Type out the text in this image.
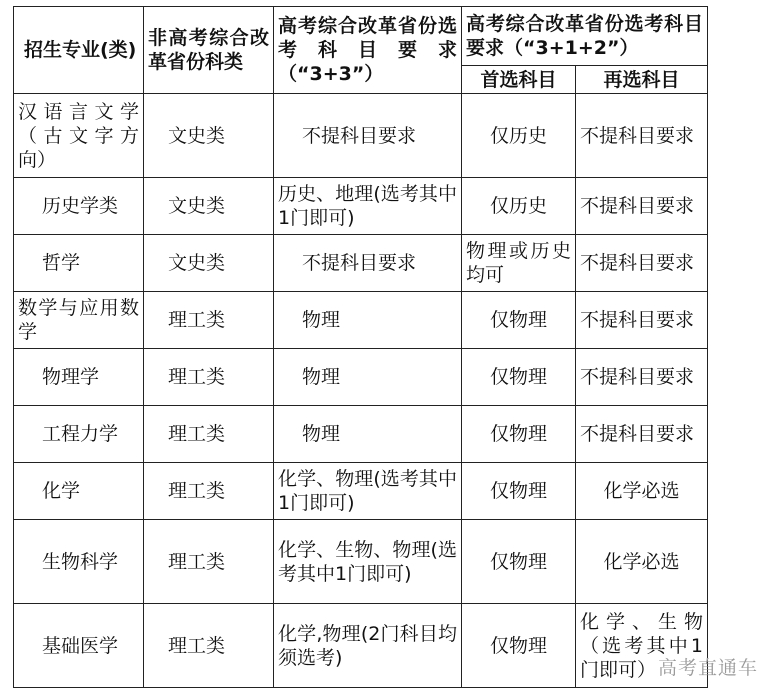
招生专业(类)	非高考综合改革省份科类	高考综合改革省份选考科目要求（“3+3”）	高考综合改革省份选考科目要求（“3+1+2”）	
			首选科目	再选科目
汉语言文学（古文字方向）	文史类	不提科目要求	仅历史	不提科目要求
历史学类	文史类	历史、地理(选考其中1门即可)	仅历史	不提科目要求
哲学	文史类	不提科目要求	物理或历史均可	不提科目要求
数学与应用数学	理工类	物理	仅物理	不提科目要求
物理学	理工类	物理	仅物理	不提科目要求
工程力学	理工类	物理	仅物理	不提科目要求
化学	理工类	化学、物理(选考其中1门即可)	仅物理	化学必选
生物科学	理工类	化学、生物、物理(选考其中1门即可)	仅物理	化学必选
基础医学	理工类	化学,物理(2门科目均须选考)	仅物理	化学、生物（选考其中1门即可） 高考直通车
